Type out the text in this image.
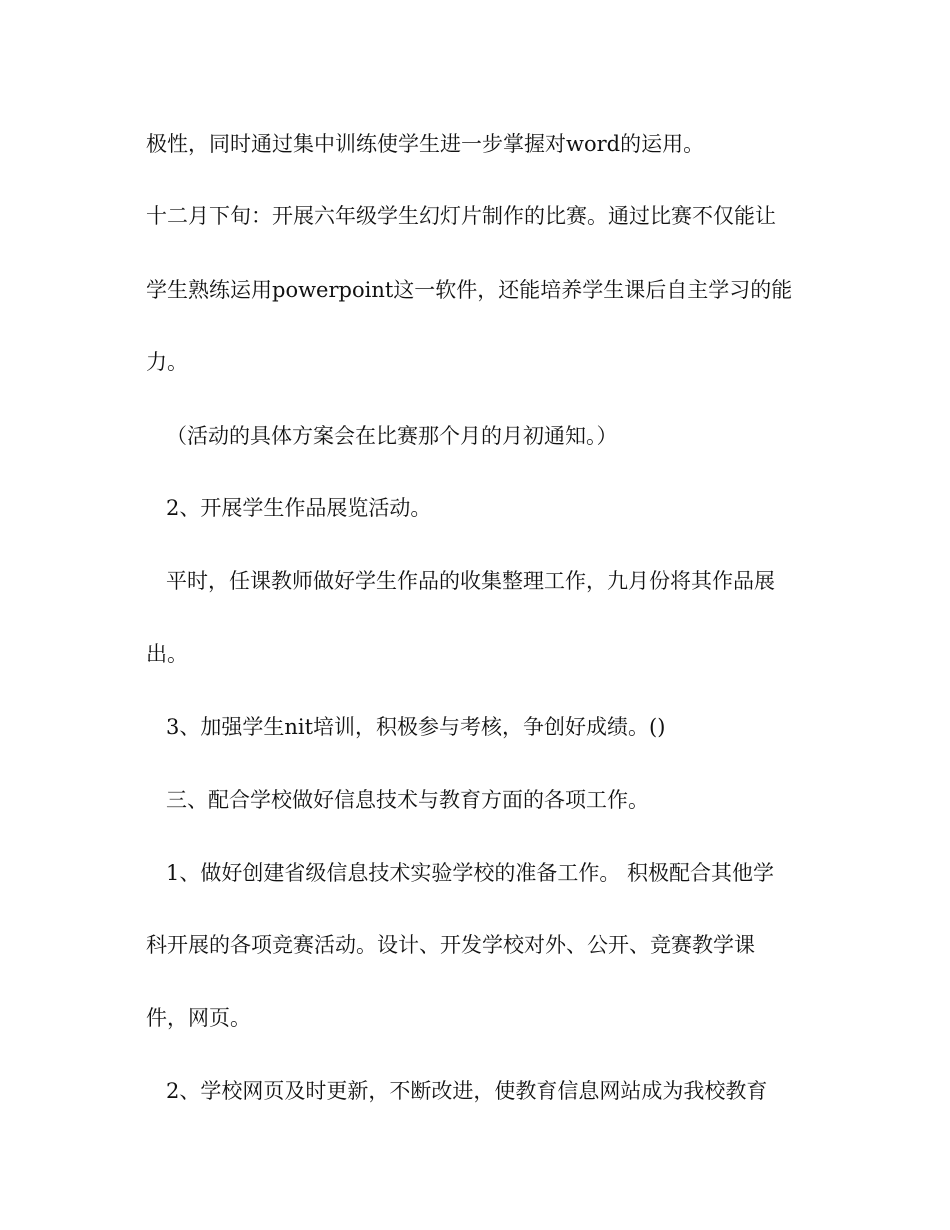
极性，同时通过集中训练使学生进一步掌握对word的运用。
十二月下旬：开展六年级学生幻灯片制作的比赛。通过比赛不仅能让
学生熟练运用powerpoint这一软件，还能培养学生课后自主学习的能
力。
（活动的具体方案会在比赛那个月的月初通知。）
2、开展学生作品展览活动。
平时，任课教师做好学生作品的收集整理工作，九月份将其作品展
出。
3、加强学生nit培训，积极参与考核，争创好成绩。()
三、配合学校做好信息技术与教育方面的各项工作。
1、做好创建省级信息技术实验学校的准备工作。 积极配合其他学
科开展的各项竞赛活动。设计、开发学校对外、公开、竞赛教学课
件，网页。
2、学校网页及时更新，不断改进，使教育信息网站成为我校教育
